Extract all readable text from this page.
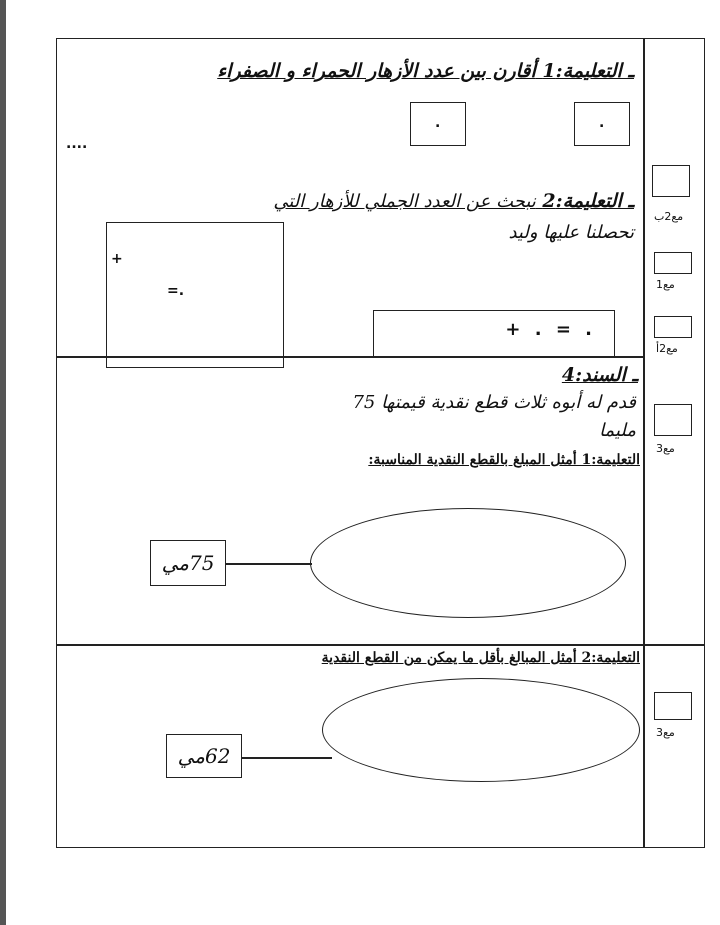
ـ التعليمة:1 أقارن بين عدد الأزهار الحمراء و الصفراء
.
.
....
ـ التعليمة:2 نبحث عن العدد الجملي للأزهار التي
تحصلنا عليها وليد
+
=.
. = . +
ـ السند:4
قدم له أبوه ثلاث قطع نقدية قيمتها 75
مليما
التعليمة:1 أمثل المبلغ بالقطع النقدية المناسبة:
75مي
التعليمة:2 أمثل المبالغ بأقل ما يمكن من القطع النقدية
62مي
مع2ب
مع1
مع2أ
مع3
مع3
